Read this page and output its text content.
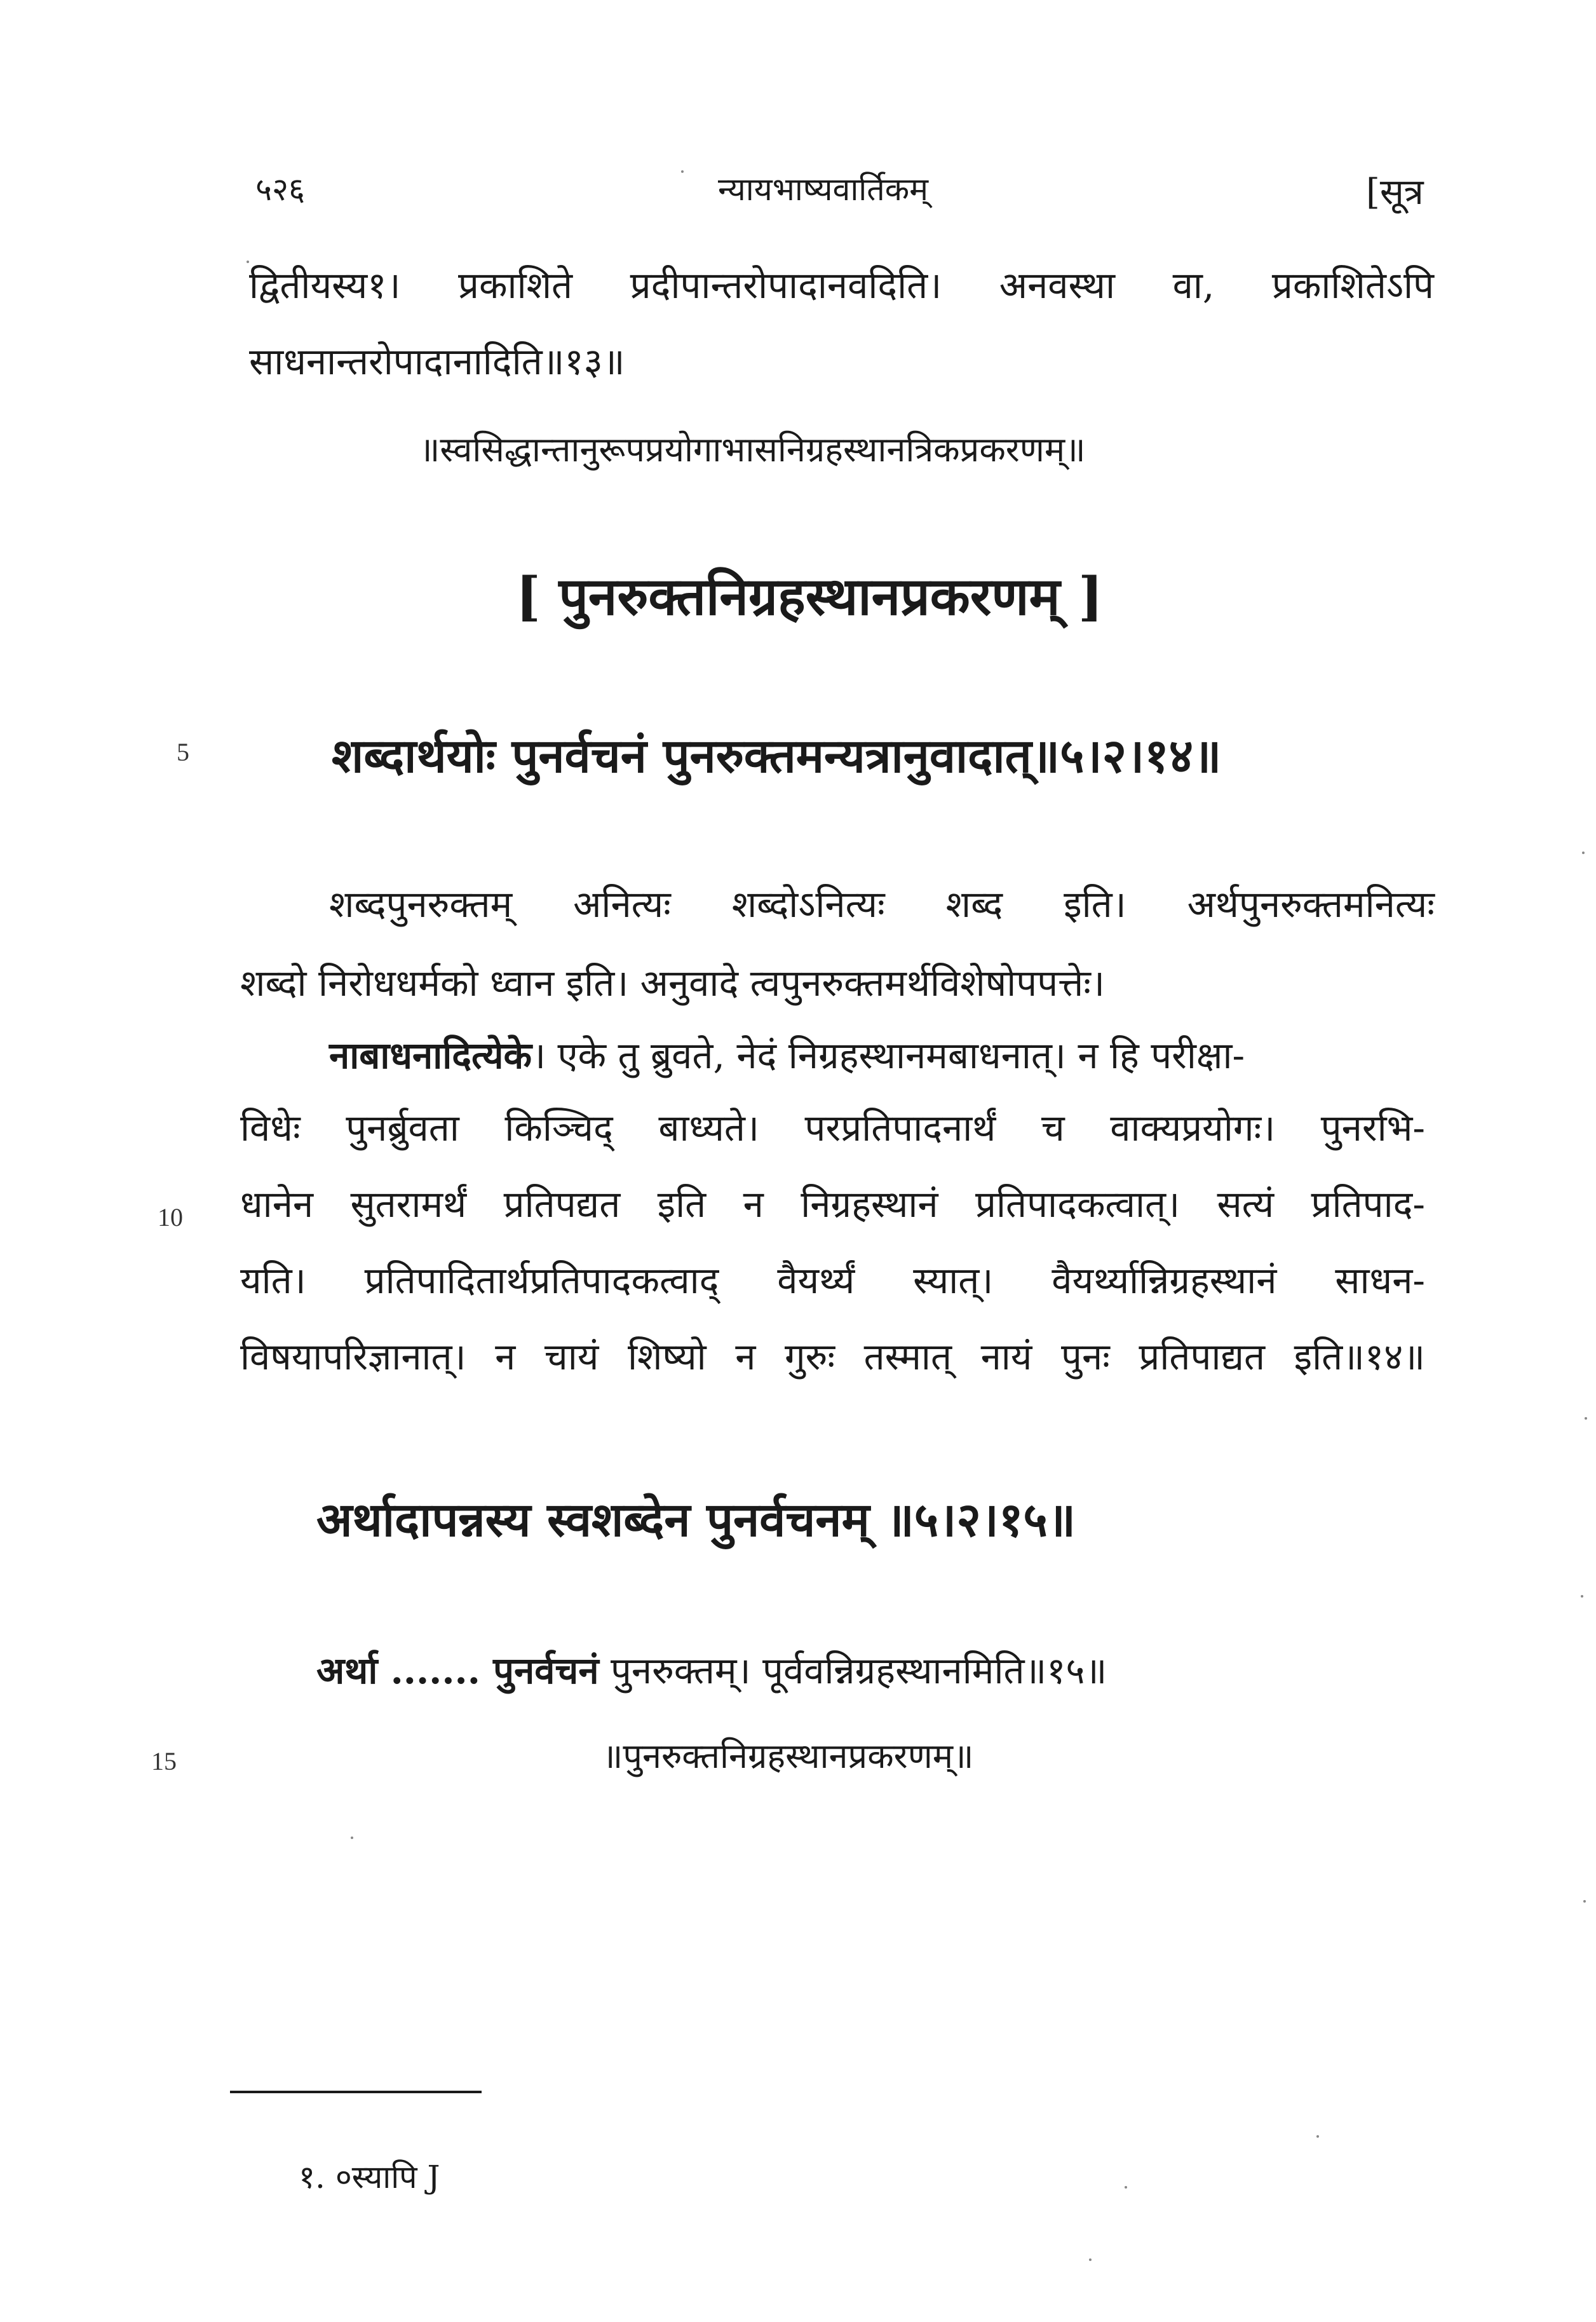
५२६	न्यायभाष्यवार्तिकम्	[सूत्र
द्वितीयस्य१। प्रकाशिते प्रदीपान्तरोपादानवदिति। अनवस्था वा, प्रकाशितेऽपि
साधनान्तरोपादानादिति॥१३॥
॥स्वसिद्धान्तानुरूपप्रयोगाभासनिग्रहस्थानत्रिकप्रकरणम्॥
[ पुनरुक्तनिग्रहस्थानप्रकरणम् ]
5	शब्दार्थयोः पुनर्वचनं पुनरुक्तमन्यत्रानुवादात्॥५।२।१४॥
शब्दपुनरुक्तम् अनित्यः शब्दोऽनित्यः शब्द इति। अर्थपुनरुक्तमनित्यः
शब्दो निरोधधर्मको ध्वान इति। अनुवादे त्वपुनरुक्तमर्थविशेषोपपत्तेः।
नाबाधनादित्येके। एके तु ब्रुवते, नेदं निग्रहस्थानमबाधनात्। न हि परीक्षा-
विधेः पुनर्ब्रुवता किञ्चिद् बाध्यते। परप्रतिपादनार्थं च वाक्यप्रयोगः। पुनरभि-
10 धानेन सुतरामर्थं प्रतिपद्यत इति न निग्रहस्थानं प्रतिपादकत्वात्। सत्यं प्रतिपाद-
यति। प्रतिपादितार्थप्रतिपादकत्वाद् वैयर्थ्यं स्यात्। वैयर्थ्यान्निग्रहस्थानं साधन-
विषयापरिज्ञानात्। न चायं शिष्यो न गुरुः तस्मात् नायं पुनः प्रतिपाद्यत इति॥१४॥
अर्थादापन्नस्य स्वशब्देन पुनर्वचनम् ॥५।२।१५॥
अर्था ....... पुनर्वचनं पुनरुक्तम्। पूर्ववन्निग्रहस्थानमिति॥१५॥
15	॥पुनरुक्तनिग्रहस्थानप्रकरणम्॥
१. ०स्यापि J
